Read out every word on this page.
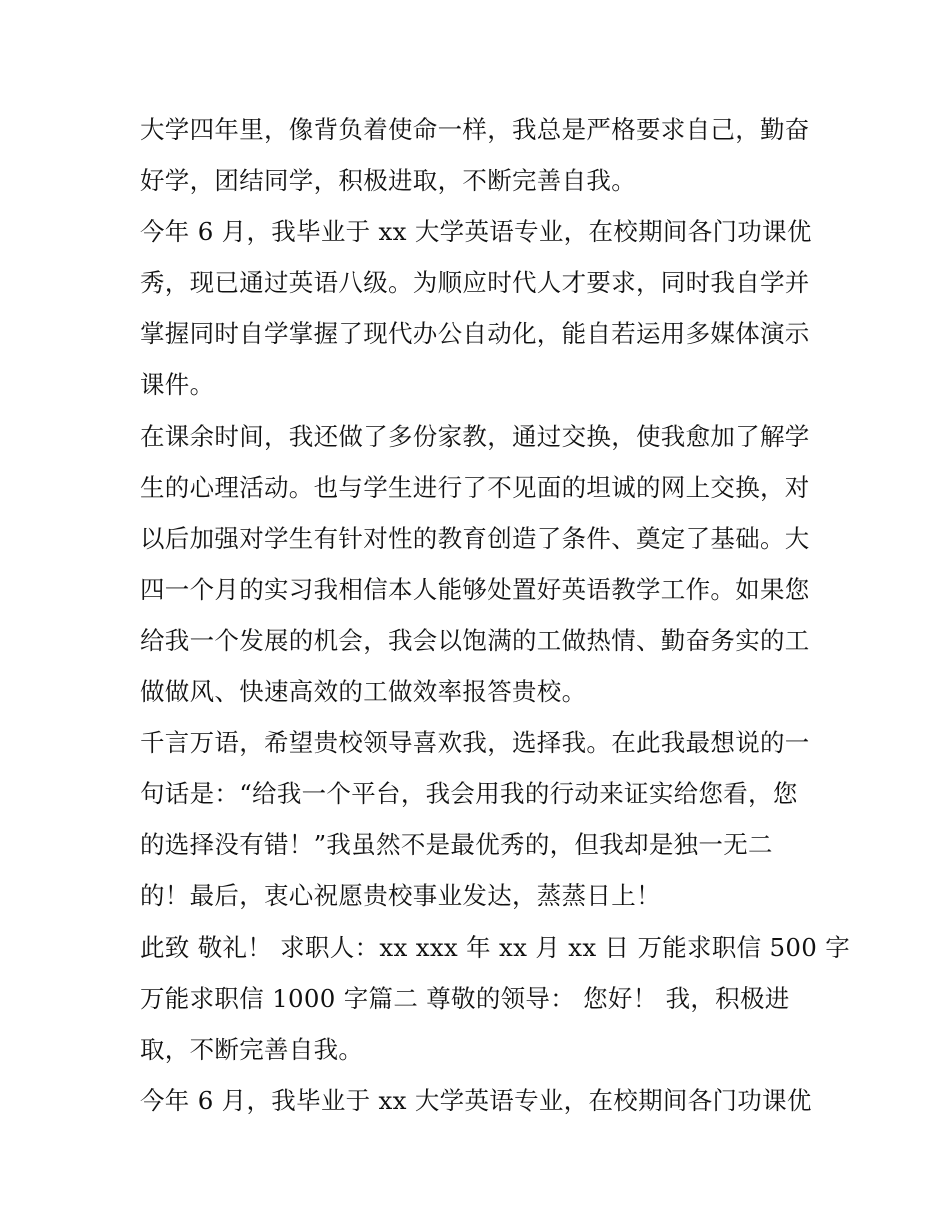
大学四年里，像背负着使命一样，我总是严格要求自己，勤奋
好学，团结同学，积极进取，不断完善自我。
今年 6 月，我毕业于 xx 大学英语专业，在校期间各门功课优
秀，现已通过英语八级。为顺应时代人才要求，同时我自学并
掌握同时自学掌握了现代办公自动化，能自若运用多媒体演示
课件。
在课余时间，我还做了多份家教，通过交换，使我愈加了解学
生的心理活动。也与学生进行了不见面的坦诚的网上交换，对
以后加强对学生有针对性的教育创造了条件、奠定了基础。大
四一个月的实习我相信本人能够处置好英语教学工作。如果您
给我一个发展的机会，我会以饱满的工做热情、勤奋务实的工
做做风、快速高效的工做效率报答贵校。
千言万语，希望贵校领导喜欢我，选择我。在此我最想说的一
句话是：“给我一个平台，我会用我的行动来证实给您看，您
的选择没有错！”我虽然不是最优秀的，但我却是独一无二
的！最后，衷心祝愿贵校事业发达，蒸蒸日上！
此致 敬礼！ 求职人：xx xxx 年 xx 月 xx 日 万能求职信 500 字
万能求职信 1000 字篇二 尊敬的领导： 您好！ 我，积极进
取，不断完善自我。
今年 6 月，我毕业于 xx 大学英语专业，在校期间各门功课优
